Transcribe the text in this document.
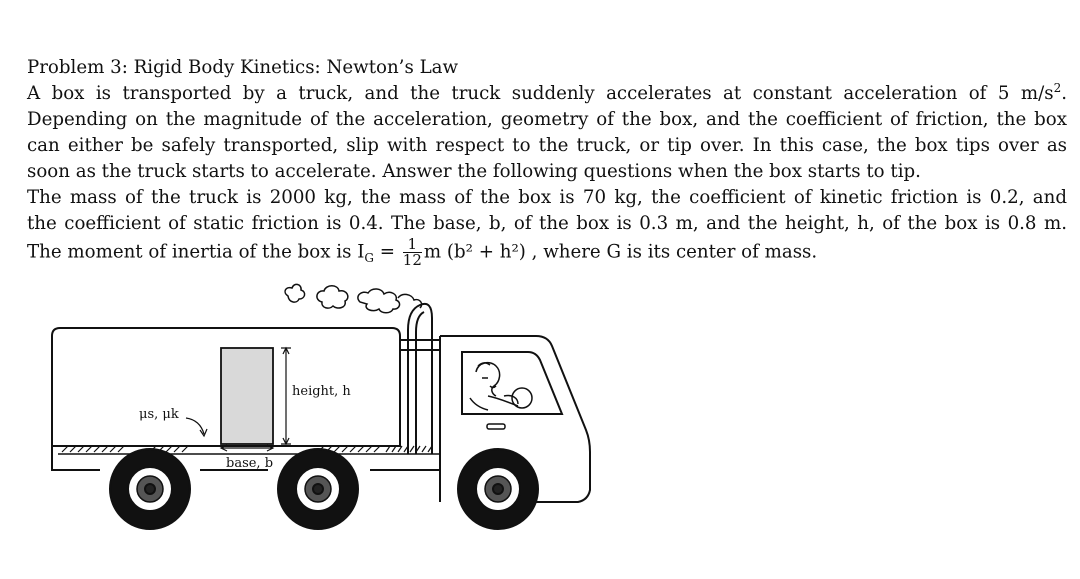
Problem 3: Rigid Body Kinetics: Newton’s Law
A box is transported by a truck, and the truck suddenly accelerates at constant acceleration of 5 $m/s^2$.
Depending on the magnitude of the acceleration, geometry of the box, and the coefficient of friction, the box
can either be safely transported, slip with respect to the truck, or tip over. In this case, the box tips over as
soon as the truck starts to accelerate. Answer the following questions when the box starts to tip.
The mass of the truck is 2000 kg, the mass of the box is 70 kg, the coefficient of kinetic friction is 0.2, and
the coefficient of static friction is 0.4. The base, b, of the box is 0.3 m, and the height, h, of the box is 0.8 m.
The moment of inertia of the box is $I_G = \frac{1}{12}$ m (b² + h²) , where G is its center of mass.
height, h
base, b
μs, μk
